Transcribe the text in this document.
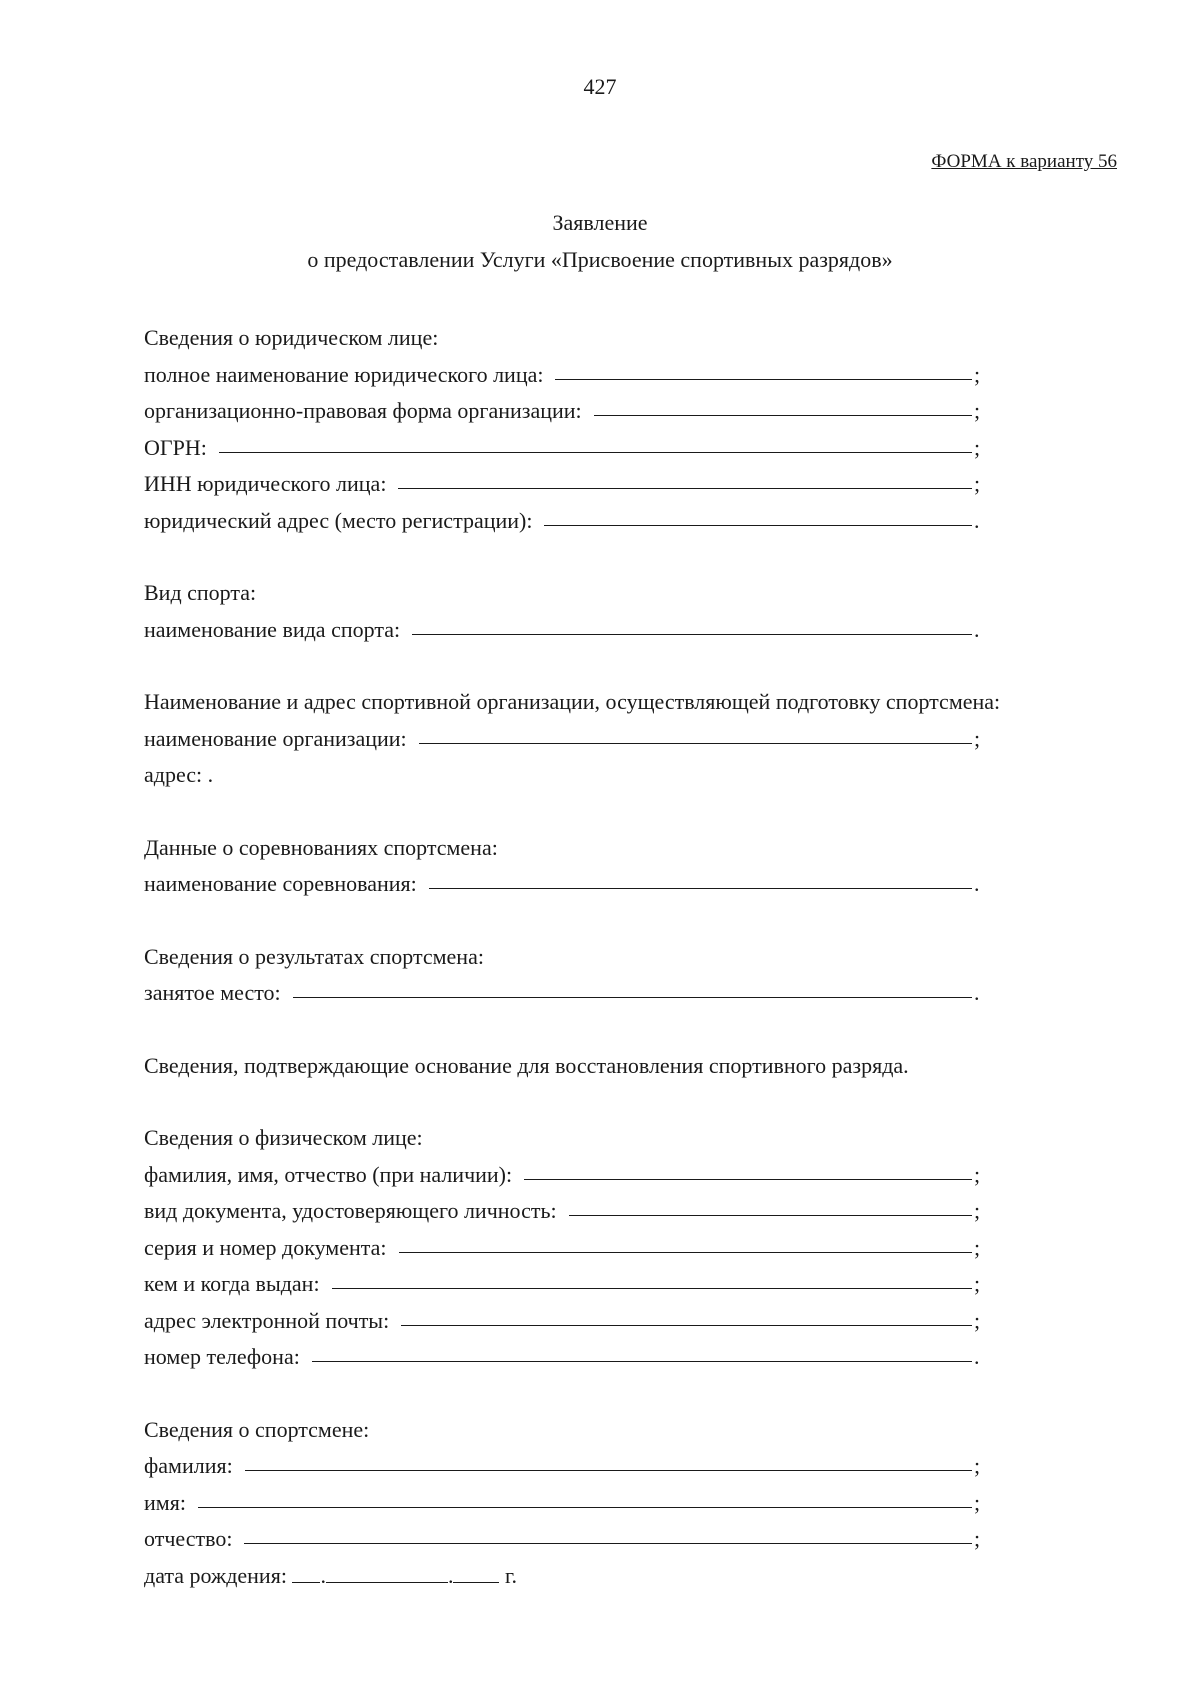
427
ФОРМА к варианту 56
Заявление
о предоставлении Услуги «Присвоение спортивных разрядов»
Сведения о юридическом лице:
полное наименование юридического лица:	;
организационно-правовая форма организации:	;
ОГРН:	;
ИНН юридического лица:	;
юридический адрес (место регистрации):	.
Вид спорта:
наименование вида спорта:	.
Наименование и адрес спортивной организации, осуществляющей подготовку спортсмена:
наименование организации:	;
адрес: .
Данные о соревнованиях спортсмена:
наименование соревнования:	.
Сведения о результатах спортсмена:
занятое место:	.
Сведения, подтверждающие основание для восстановления спортивного разряда.
Сведения о физическом лице:
фамилия, имя, отчество (при наличии):	;
вид документа, удостоверяющего личность:	;
серия и номер документа:	;
кем и когда выдан:	;
адрес электронной почты:	;
номер телефона:	.
Сведения о спортсмене:
фамилия:	;
имя:	;
отчество:	;
дата рождения: .	. г.
